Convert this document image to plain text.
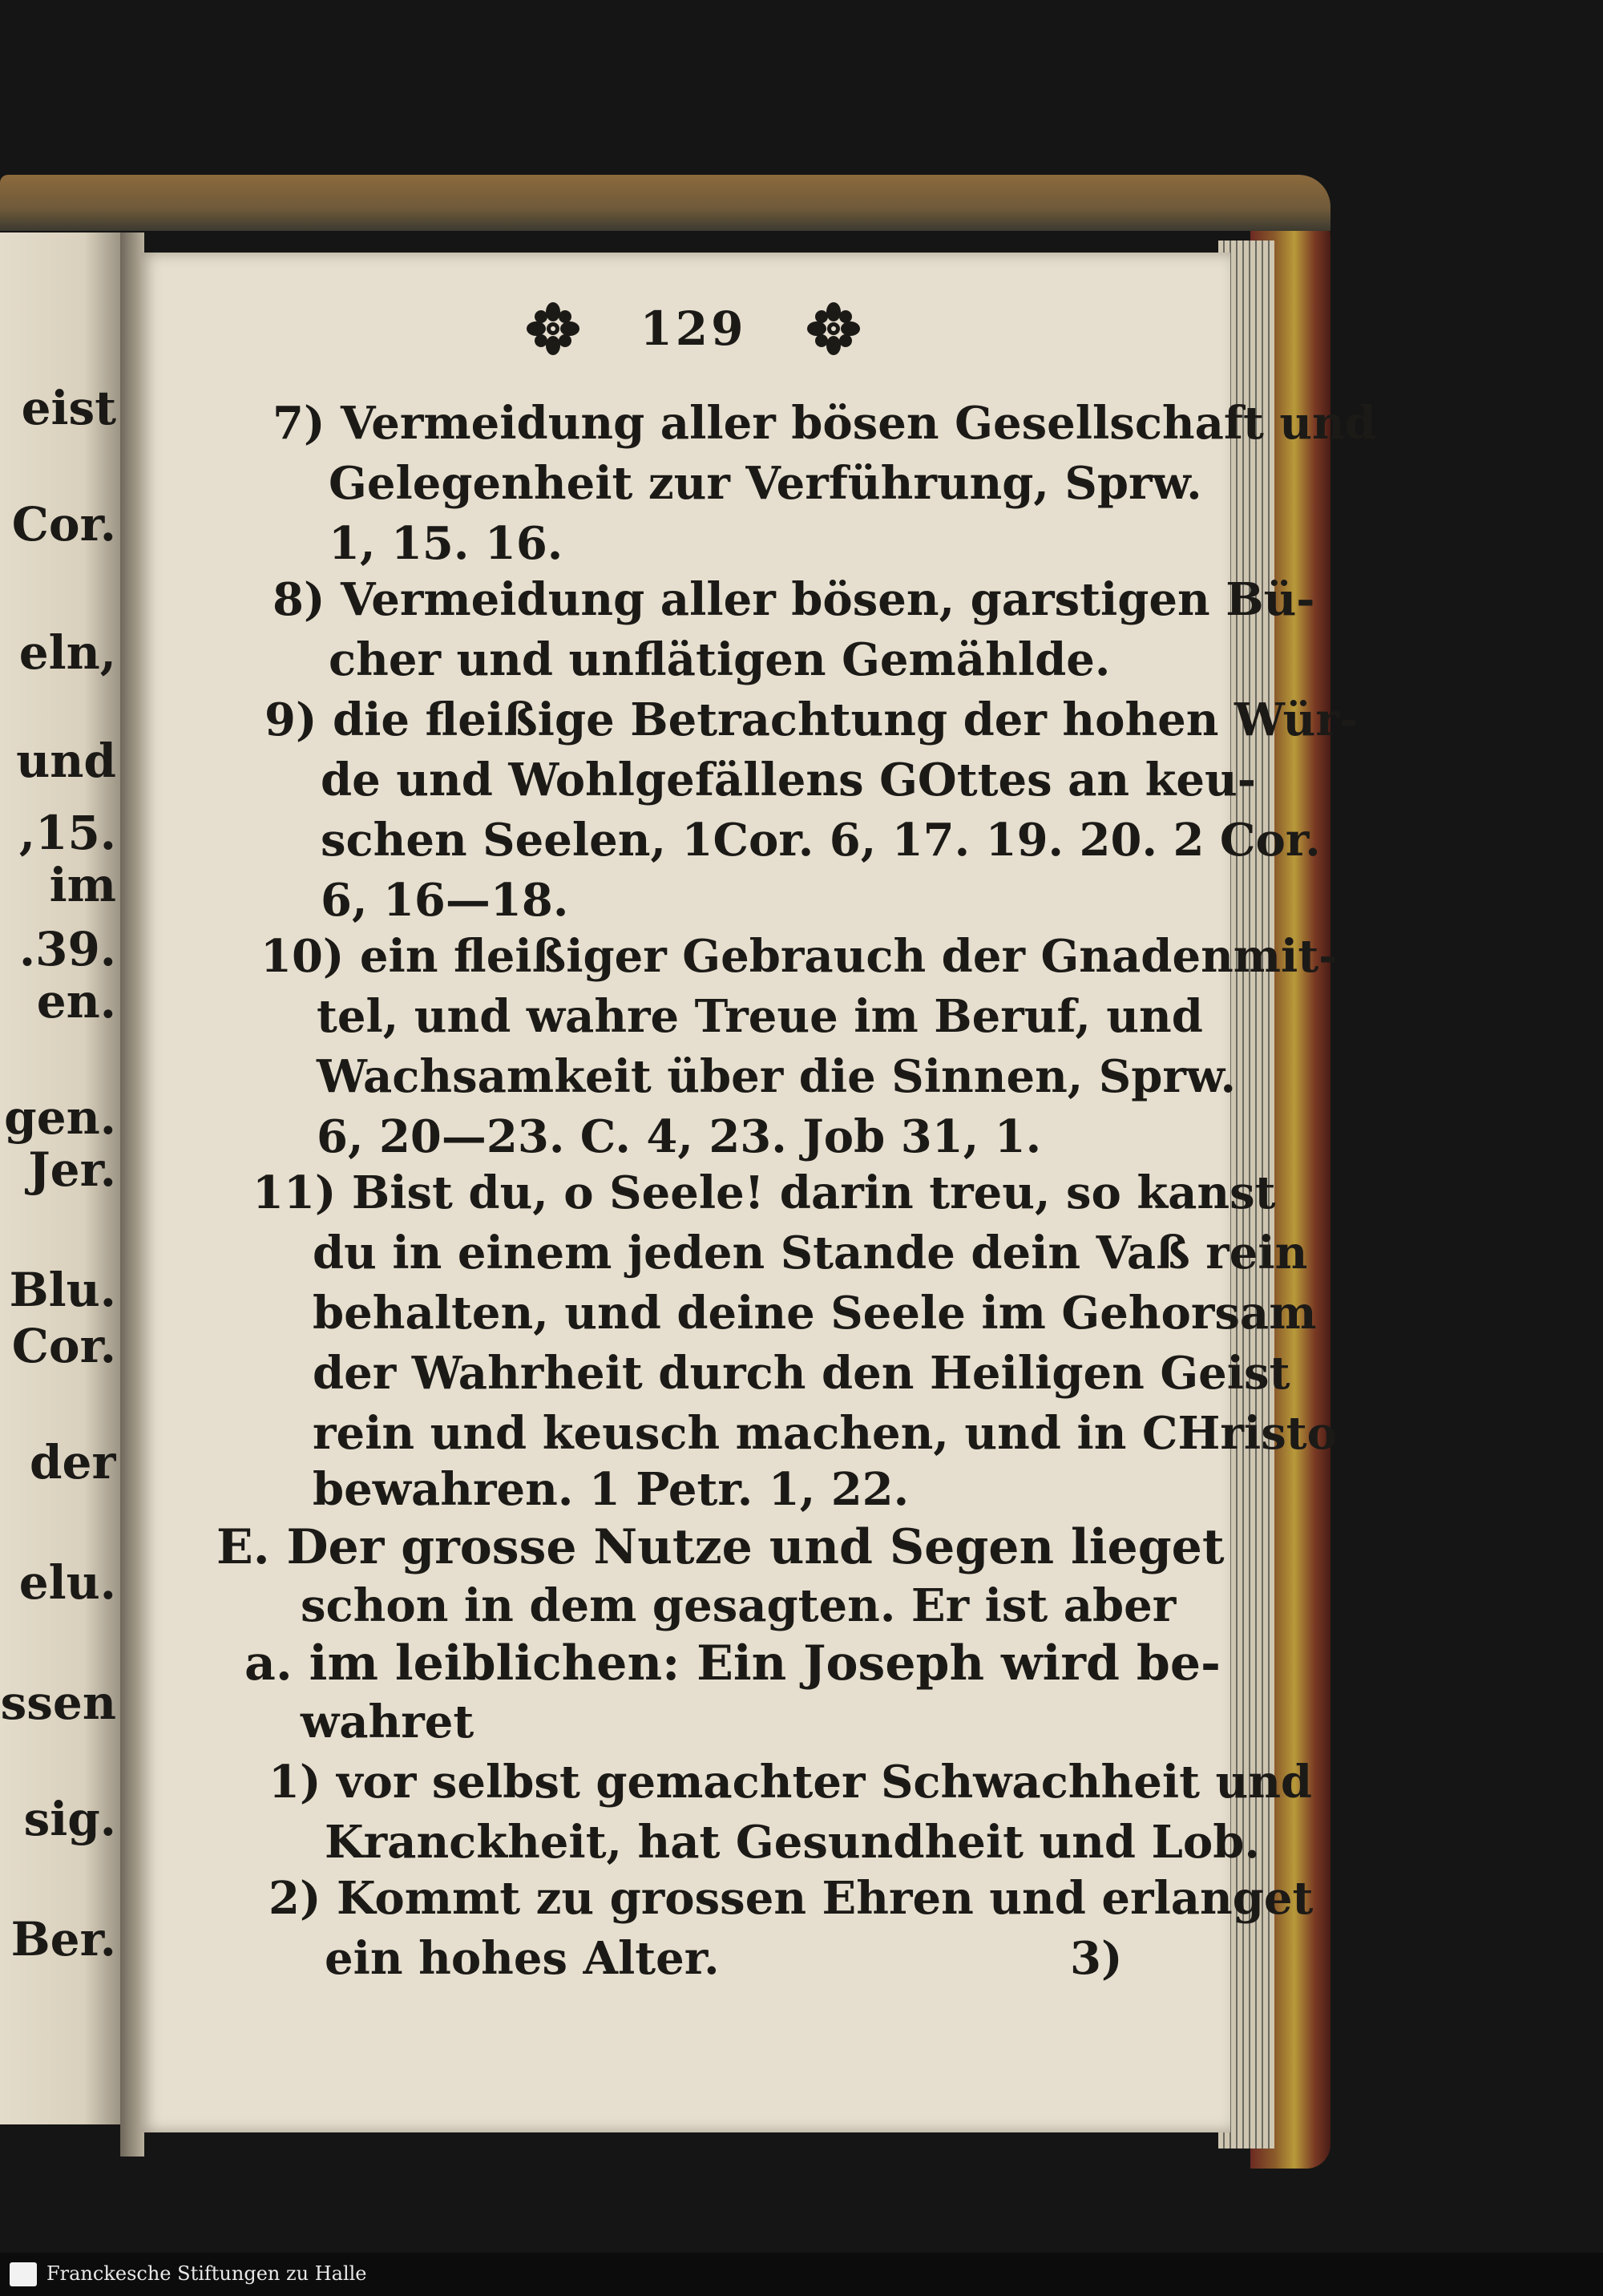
eist
Cor.
eln,
und
,15.
im
.39.
en.
gen.
Jer.
Blu.
Cor.
der
elu.
ssen
sig.
Ber.
129
7) Vermeidung aller bösen Gesellschaft und
Gelegenheit zur Verführung, Sprw.
1, 15. 16.
8) Vermeidung aller bösen, garstigen Bü-
cher und unflätigen Gemählde.
9) die fleißige Betrachtung der hohen Wür-
de und Wohlgefällens GOttes an keu-
schen Seelen, 1Cor. 6, 17. 19. 20. 2 Cor.
6, 16—18.
10) ein fleißiger Gebrauch der Gnadenmit-
tel, und wahre Treue im Beruf, und
Wachsamkeit über die Sinnen, Sprw.
6, 20—23. C. 4, 23. Job 31, 1.
11) Bist du, o Seele! darin treu, so kanst
du in einem jeden Stande dein Vaß rein
behalten, und deine Seele im Gehorsam
der Wahrheit durch den Heiligen Geist
rein und keusch machen, und in CHristo
bewahren. 1 Petr. 1, 22.
E. Der grosse Nutze und Segen lieget
schon in dem gesagten. Er ist aber
a. im leiblichen: Ein Joseph wird be-
wahret
1) vor selbst gemachter Schwachheit und
Kranckheit, hat Gesundheit und Lob.
2) Kommt zu grossen Ehren und erlanget
ein hohes Alter.	3)
Franckesche Stiftungen zu Halle
